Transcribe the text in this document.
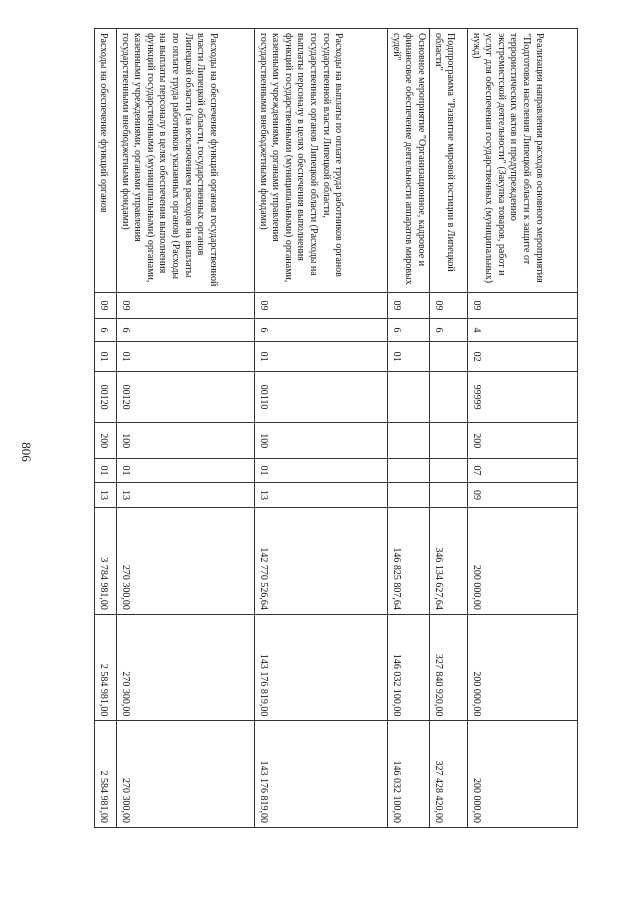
806
Реализация направления расходов основного мероприятия "Подготовка населения Липецкой области к защите от террористических актов и предупреждению экстремистской деятельности" (Закупка товаров, работ и услуг для обеспечения государственных (муниципальных) нужд)	09	4	02	99999	200	07	09	200 000,00	200 000,00	200 000,00
Подпрограмма "Развитие мировой юстиции в Липецкой области"	09	6						346 134 627,64	327 840 920,00	327 428 420,00
Основное мероприятие "Организационное, кадровое и финансовое обеспечение деятельности аппаратов мировых судей"	09	6	01					146 825 807,64	146 032 100,00	146 032 100,00
Расходы на выплаты по оплате труда работников органов государственной власти Липецкой области, государственных органов Липецкой области (Расходы на выплаты персоналу в целях обеспечения выполнения функций государственными (муниципальными) органами, казенными учреждениями, органами управления государственными внебюджетными фондами)	09	6	01	00110	100	01	13	142 770 526,64	143 176 819,00	143 176 819,00
Расходы на обеспечение функций органов государственной власти Липецкой области, государственных органов Липецкой области (за исключением расходов на выплаты по оплате труда работников указанных органов) (Расходы на выплаты персоналу в целях обеспечения выполнения функций государственными (муниципальными) органами, казенными учреждениями, органами управления государственными внебюджетными фондами)	09	6	01	00120	100	01	13	270 300,00	270 300,00	270 300,00
Расходы на обеспечение функций органов	09	6	01	00120	200	01	13	3 784 981,00	2 584 981,00	2 584 981,00
